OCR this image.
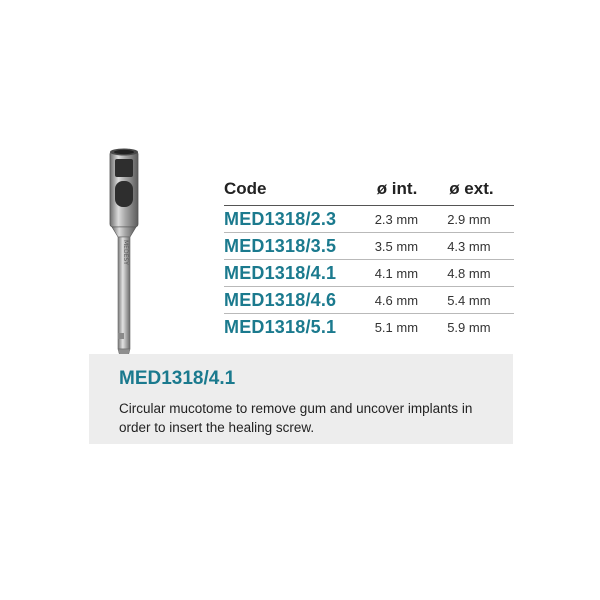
MEDESY
Code	ø int.	ø ext.
MED1318/2.3	2.3 mm	2.9 mm
MED1318/3.5	3.5 mm	4.3 mm
MED1318/4.1	4.1 mm	4.8 mm
MED1318/4.6	4.6 mm	5.4 mm
MED1318/5.1	5.1 mm	5.9 mm
MED1318/4.1

Circular mucotome to remove gum and uncover implants in order to insert the healing screw.
